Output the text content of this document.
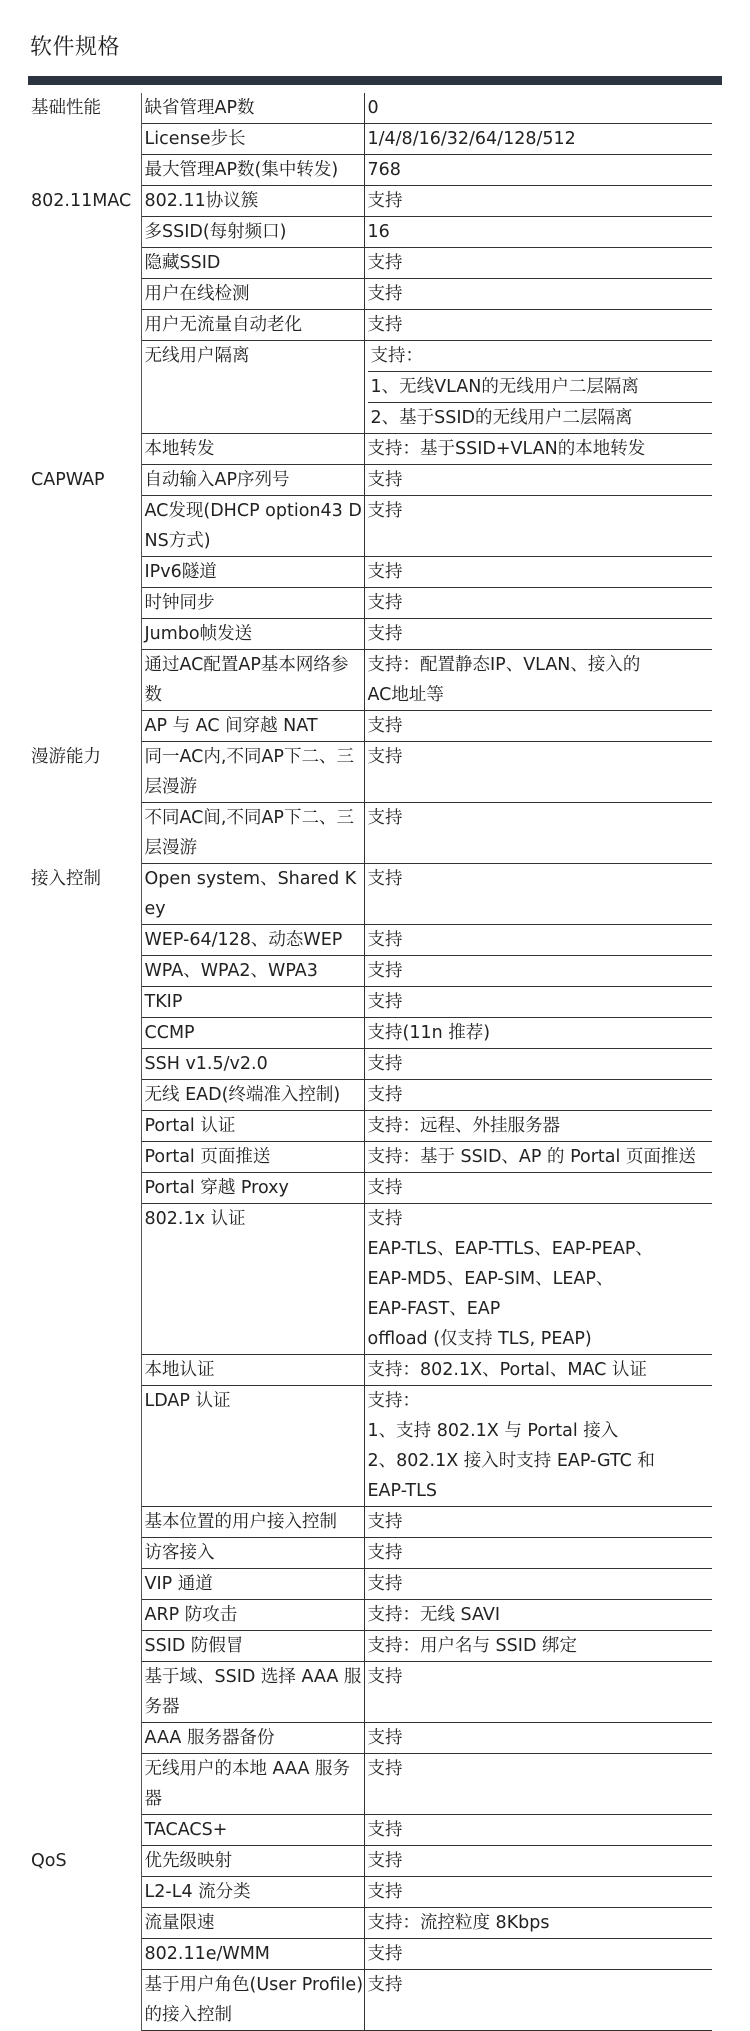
软件规格
基础性能	缺省管理AP数	0

	License步长	1/4/8/16/32/64/128/512

	最大管理AP数(集中转发)	768

802.11MAC	802.11协议簇	支持

	多SSID(每射频口)	16

	隐藏SSID	支持

	用户在线检测	支持

	用户无流量自动老化	支持

	无线用户隔离	支持：
1、无线VLAN的无线用户二层隔离
2、基于SSID的无线用户二层隔离

	本地转发	支持：基于SSID+VLAN的本地转发

CAPWAP	自动输入AP序列号	支持

	AC发现(DHCP option43 DNS方式)	支持

	IPv6隧道	支持

	时钟同步	支持

	Jumbo帧发送	支持

	通过AC配置AP基本网络参数	支持：配置静态IP、VLAN、接入的
AC地址等

	AP 与 AC 间穿越 NAT	支持

漫游能力	同一AC内,不同AP下二、三层漫游	支持

	不同AC间,不同AP下二、三层漫游	支持

接入控制	Open system、Shared Key	支持

	WEP-64/128、动态WEP	支持

	WPA、WPA2、WPA3	支持

	TKIP	支持

	CCMP	支持(11n 推荐)

	SSH v1.5/v2.0	支持

	无线 EAD(终端准入控制)	支持

	Portal 认证	支持：远程、外挂服务器

	Portal 页面推送	支持：基于 SSID、AP 的 Portal 页面推送

	Portal 穿越 Proxy	支持

	802.1x 认证	支持
EAP-TLS、EAP-TTLS、EAP-PEAP、
EAP-MD5、EAP-SIM、LEAP、
EAP-FAST、EAP
offload (仅支持 TLS, PEAP)

	本地认证	支持：802.1X、Portal、MAC 认证

	LDAP 认证	支持：
1、支持 802.1X 与 Portal 接入
2、802.1X 接入时支持 EAP-GTC 和
EAP-TLS

	基本位置的用户接入控制	支持

	访客接入	支持

	VIP 通道	支持

	ARP 防攻击	支持：无线 SAVI

	SSID 防假冒	支持：用户名与 SSID 绑定

	基于域、SSID 选择 AAA 服务器	支持

	AAA 服务器备份	支持

	无线用户的本地 AAA 服务器	支持

	TACACS+	支持

QoS	优先级映射	支持

	L2-L4 流分类	支持

	流量限速	支持：流控粒度 8Kbps

	802.11e/WMM	支持

	基于用户角色(User Profile)的接入控制	支持
